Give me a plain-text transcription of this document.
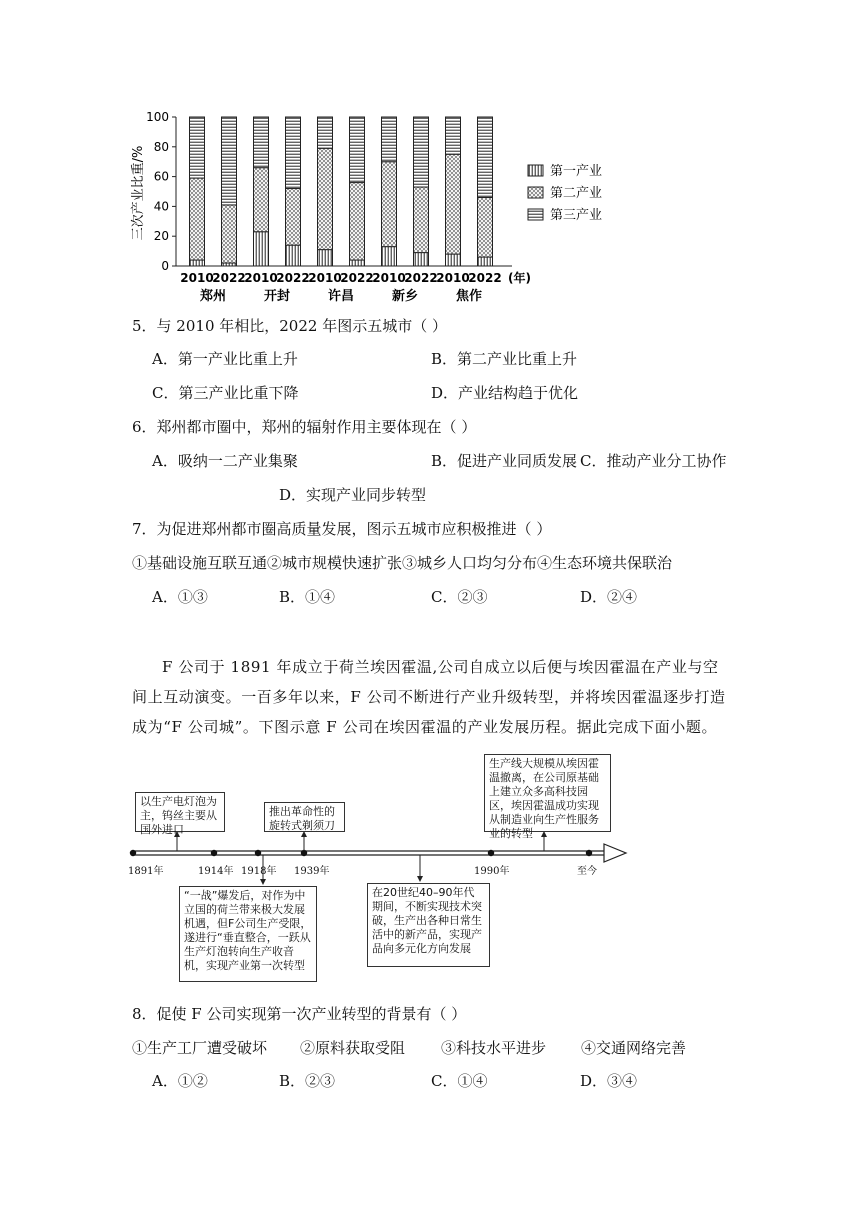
三次产业比重/%
0
20
40
60
80
100
2010
2022
2010
2022
2010
2022
2010
2022
2010
2022 (年)
郑州	开封	许昌	新乡	焦作
第一产业
第二产业
第三产业
5．与 2010 年相比，2022 年图示五城市（ ）
A．第一产业比重上升	B．第二产业比重上升
C．第三产业比重下降	D．产业结构趋于优化
6．郑州都市圈中，郑州的辐射作用主要体现在（ ）
A．吸纳一二产业集聚	B．促进产业同质发展 C．推动产业分工协作
D．实现产业同步转型
7．为促进郑州都市圈高质量发展，图示五城市应积极推进（ ）
①基础设施互联互通②城市规模快速扩张③城乡人口均匀分布④生态环境共保联治
A．①③	B．①④	C．②③	D．②④
F 公司于 1891 年成立于荷兰埃因霍温,公司自成立以后便与埃因霍温在产业与空间上互动演变。一百多年以来，F 公司不断进行产业升级转型，并将埃因霍温逐步打造成为“F 公司城”。下图示意 F 公司在埃因霍温的产业发展历程。据此完成下面小题。
1891年	1914年 1918年 1939年	1990年	至今
以生产电灯泡为主，钨丝主要从国外进口
推出革命性的旋转式剃须刀
生产线大规模从埃因霍温撤离，在公司原基础上建立众多高科技园区，埃因霍温成功实现从制造业向生产性服务业的转型
“一战”爆发后，对作为中立国的荷兰带来极大发展机遇，但F公司生产受限，遂进行“垂直整合，一跃从生产灯泡转向生产收音机，实现产业第一次转型
在20世纪40–90年代期间，不断实现技术突破，生产出各种日常生活中的新产品，实现产品向多元化方向发展
8．促使 F 公司实现第一次产业转型的背景有（ ）
①生产工厂遭受破坏 ②原料获取受阻 ③科技水平进步 ④交通网络完善
A．①②	B．②③	C．①④	D．③④
